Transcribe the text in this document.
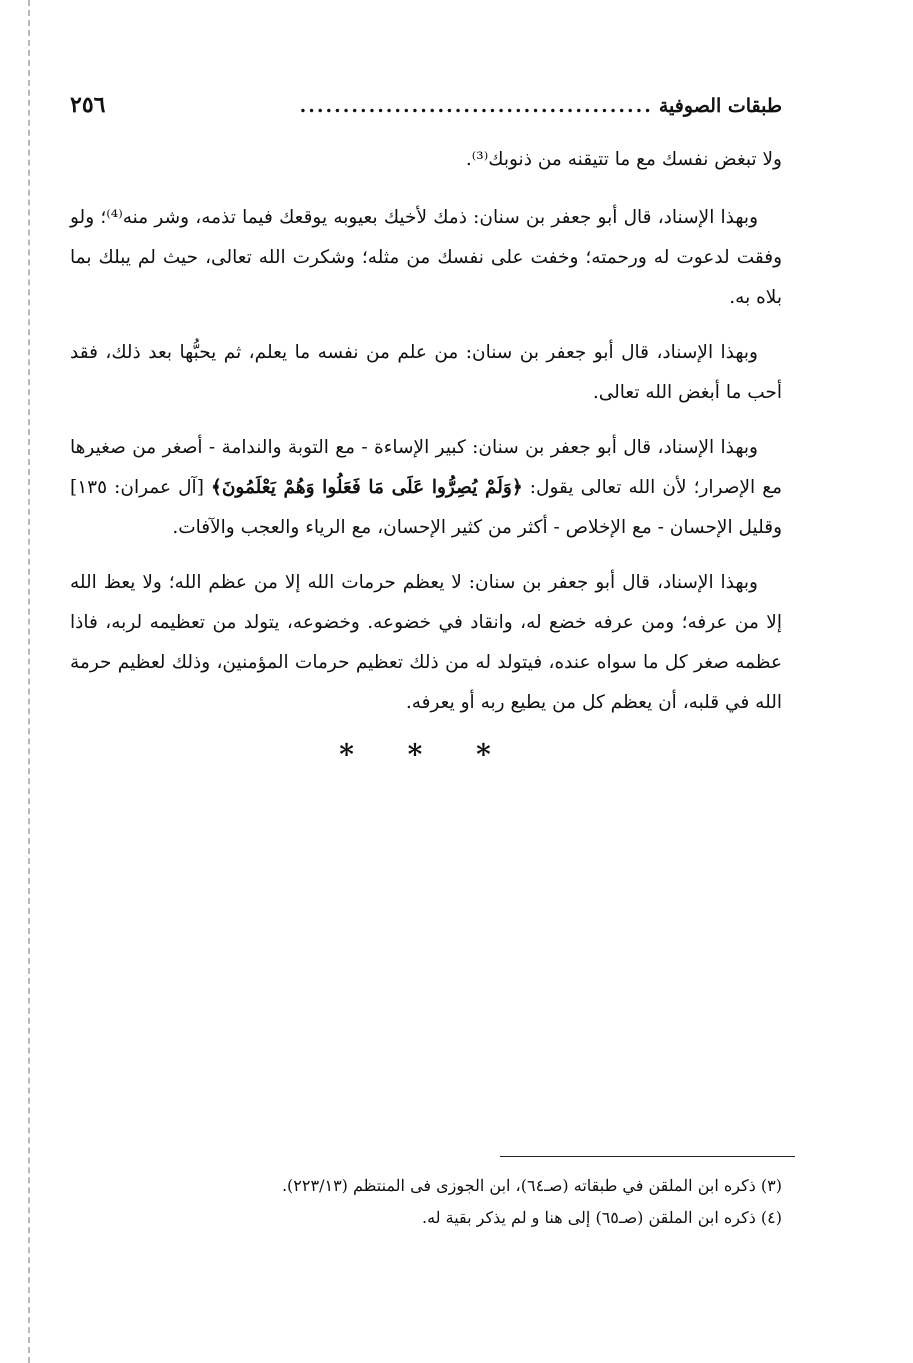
طبقات الصوفية
.........................................
٢٥٦

ولا تبغض نفسك مع ما تتيقنه من ذنوبك⁽³⁾.

وبهذا الإسناد، قال أبو جعفر بن سنان: ذمك لأخيك بعيوبه يوقعك فيما تذمه، وشر منه⁽⁴⁾؛ ولو وفقت لدعوت له ورحمته؛ وخفت على نفسك من مثله؛ وشكرت الله تعالى، حيث لم يبلك بما بلاه به.

وبهذا الإسناد، قال أبو جعفر بن سنان: من علم من نفسه ما يعلم، ثم يحبُّها بعد ذلك، فقد أحب ما أبغض الله تعالى.

وبهذا الإسناد، قال أبو جعفر بن سنان: كبير الإساءة - مع التوبة والندامة - أصغر من صغيرها مع الإصرار؛ لأن الله تعالى يقول: ﴿وَلَمْ يُصِرُّوا عَلَى مَا فَعَلُوا وَهُمْ يَعْلَمُونَ﴾ [آل عمران: ١٣٥] وقليل الإحسان - مع الإخلاص - أكثر من كثير الإحسان، مع الرياء والعجب والآفات.

وبهذا الإسناد، قال أبو جعفر بن سنان: لا يعظم حرمات الله إلا من عظم الله؛ ولا يعظ الله إلا من عرفه؛ ومن عرفه خضع له، وانقاد في خضوعه. وخضوعه، يتولد من تعظيمه لربه، فاذا عظمه صغر كل ما سواه عنده، فيتولد له من ذلك تعظيم حرمات المؤمنين، وذلك لعظيم حرمة الله في قلبه، أن يعظم كل من يطيع ربه أو يعرفه.

* * *

(٣) ذكره ابن الملقن في طبقاته (صـ٦٤)، ابن الجوزى فى المنتظم (٢٢٣/١٣).

(٤) ذكره ابن الملقن (صـ٦٥) إلى هنا و لم يذكر بقية له.
